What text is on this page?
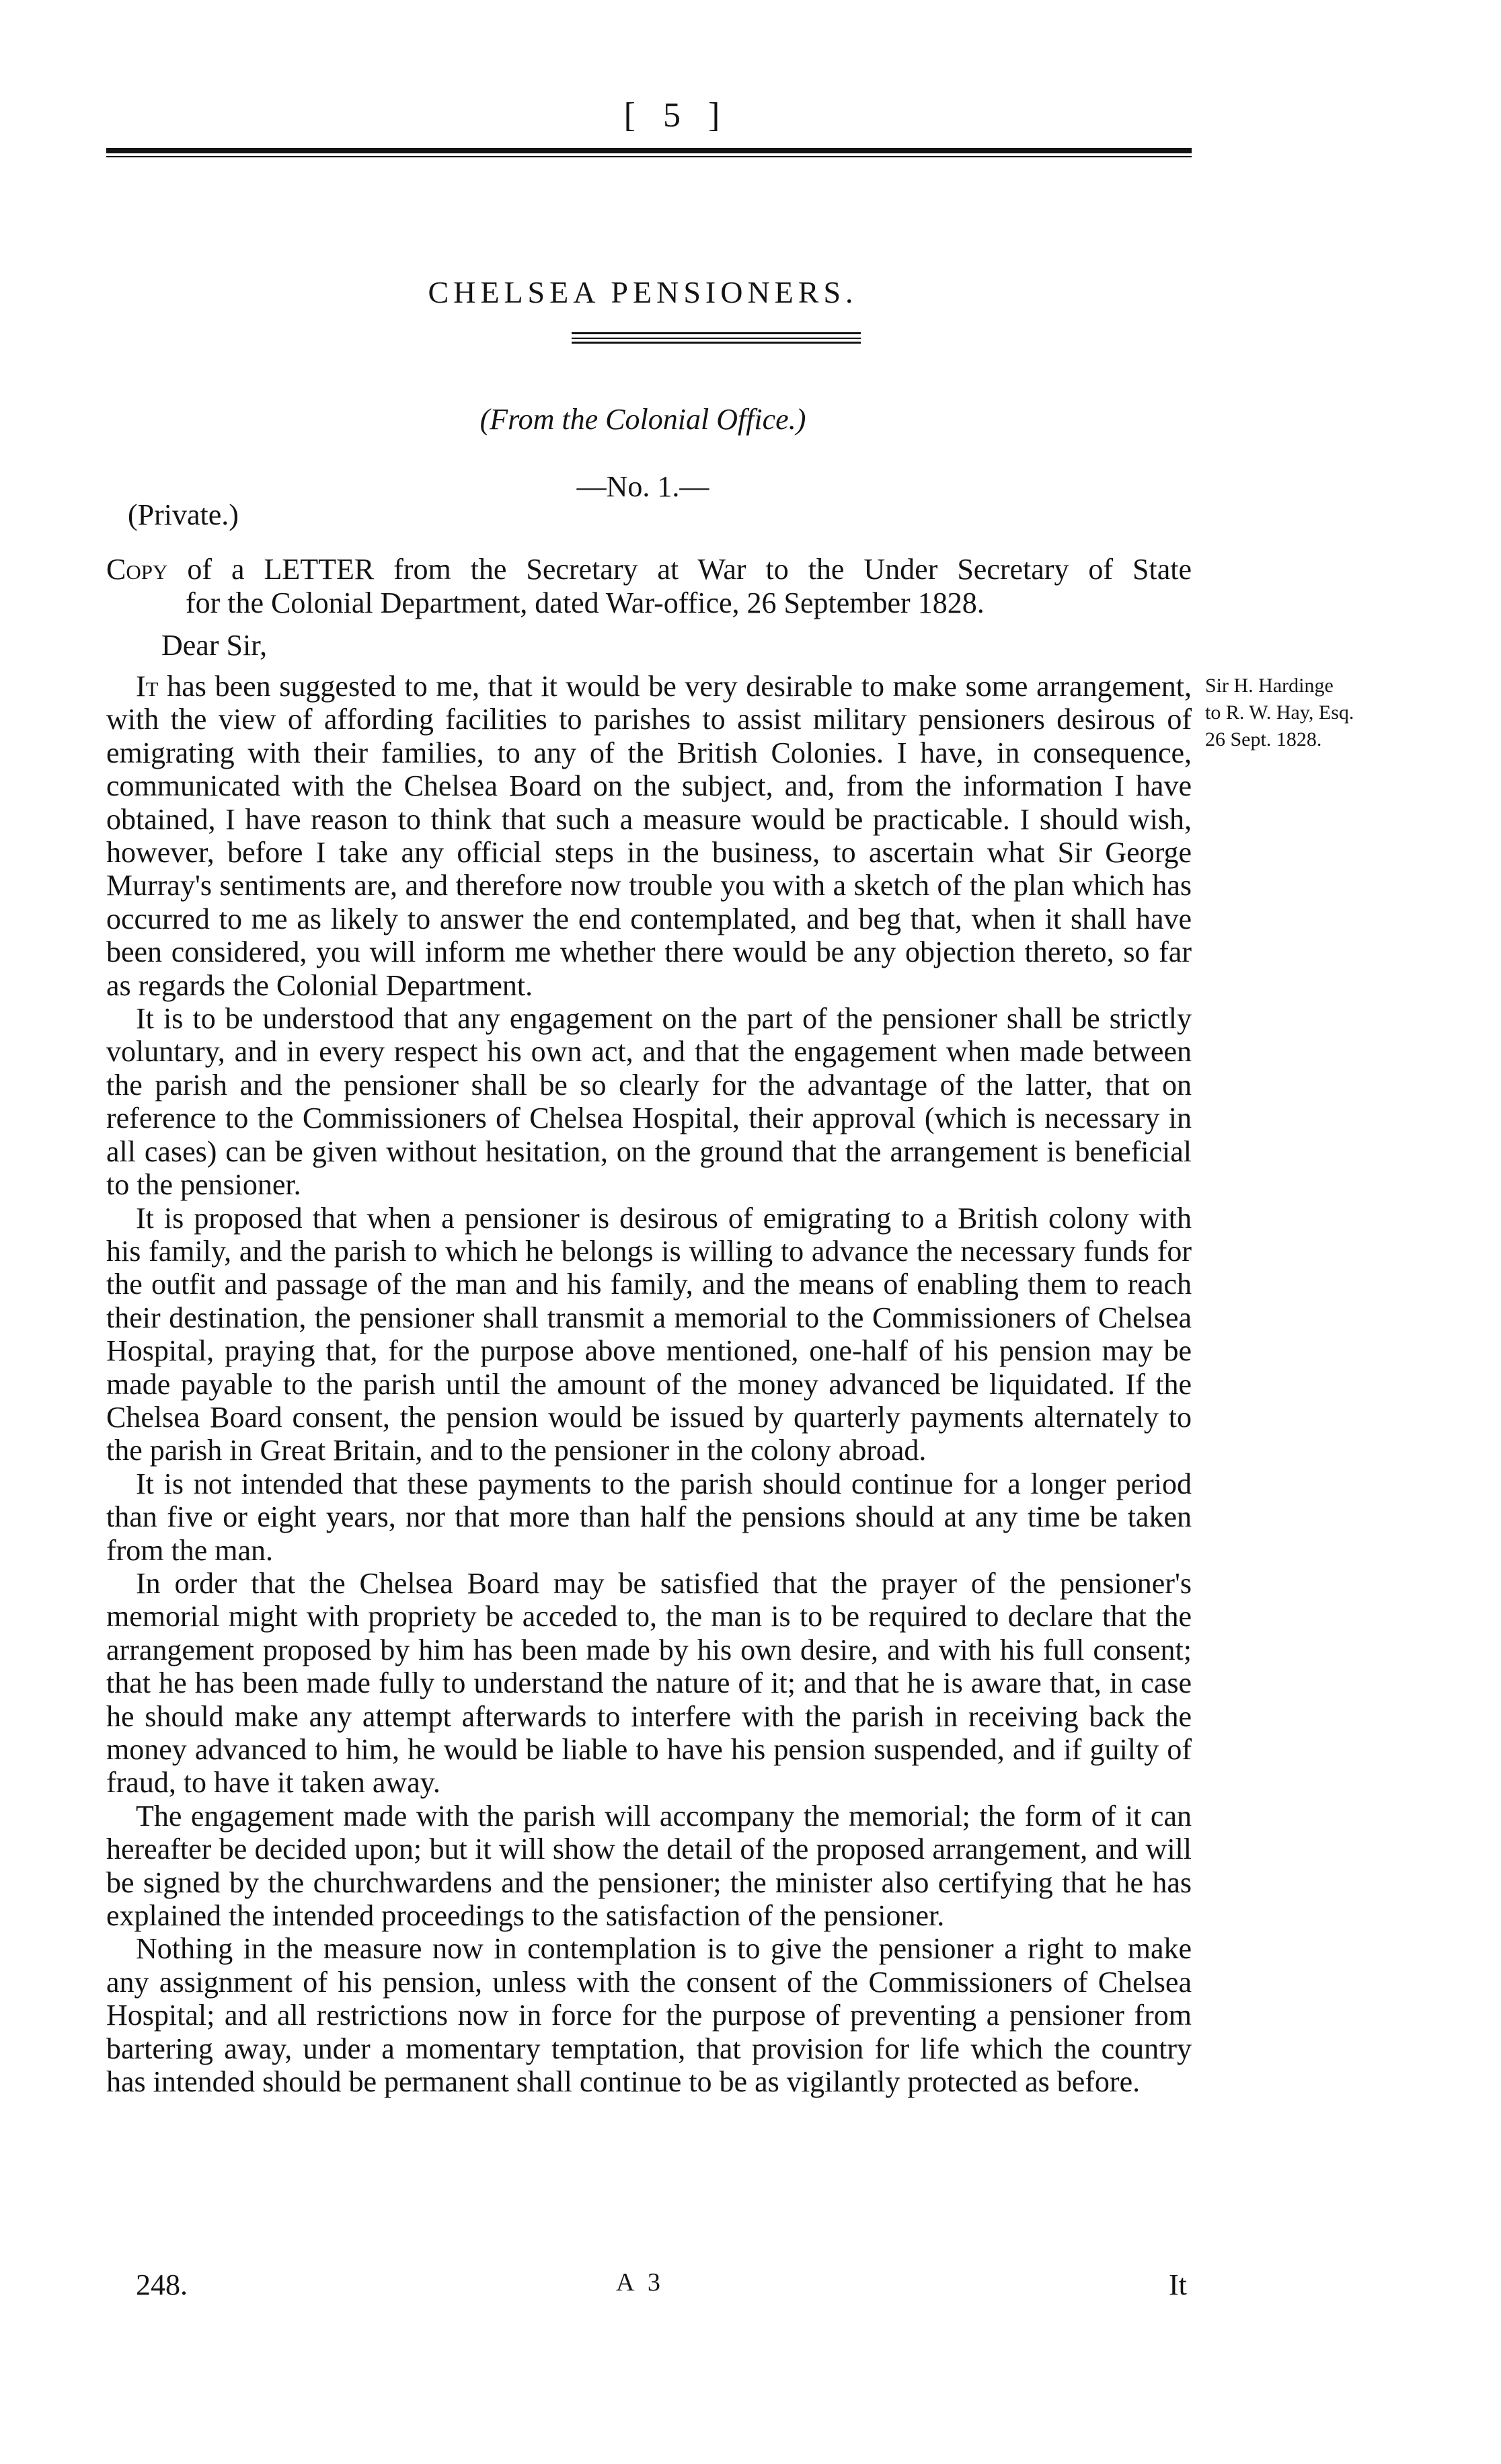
[ 5 ]
CHELSEA PENSIONERS.
(From the Colonial Office.)
—No. 1.—
(Private.)
Copy of a LETTER from the Secretary at War to the Under Secretary of State
for the Colonial Department, dated War-office, 26 September 1828.
Dear Sir,
Sir H. Hardinge
to R. W. Hay, Esq.
26 Sept. 1828.

It has been suggested to me, that it would be very desirable to make some arrangement, with the view of affording facilities to parishes to assist military pensioners desirous of emigrating with their families, to any of the British Colonies. I have, in consequence, communicated with the Chelsea Board on the subject, and, from the information I have obtained, I have reason to think that such a measure would be practicable. I should wish, however, before I take any official steps in the business, to ascertain what Sir George Murray's sentiments are, and therefore now trouble you with a sketch of the plan which has occurred to me as likely to answer the end contemplated, and beg that, when it shall have been considered, you will inform me whether there would be any objection thereto, so far as regards the Colonial Department.

It is to be understood that any engagement on the part of the pensioner shall be strictly voluntary, and in every respect his own act, and that the engagement when made between the parish and the pensioner shall be so clearly for the advantage of the latter, that on reference to the Commissioners of Chelsea Hospital, their approval (which is necessary in all cases) can be given without hesitation, on the ground that the arrangement is beneficial to the pensioner.

It is proposed that when a pensioner is desirous of emigrating to a British colony with his family, and the parish to which he belongs is willing to advance the necessary funds for the outfit and passage of the man and his family, and the means of enabling them to reach their destination, the pensioner shall transmit a memorial to the Commissioners of Chelsea Hospital, praying that, for the purpose above mentioned, one-half of his pension may be made payable to the parish until the amount of the money advanced be liquidated. If the Chelsea Board consent, the pension would be issued by quarterly payments alternately to the parish in Great Britain, and to the pensioner in the colony abroad.

It is not intended that these payments to the parish should continue for a longer period than five or eight years, nor that more than half the pensions should at any time be taken from the man.

In order that the Chelsea Board may be satisfied that the prayer of the pensioner's memorial might with propriety be acceded to, the man is to be required to declare that the arrangement proposed by him has been made by his own desire, and with his full consent; that he has been made fully to understand the nature of it; and that he is aware that, in case he should make any attempt afterwards to interfere with the parish in receiving back the money advanced to him, he would be liable to have his pension suspended, and if guilty of fraud, to have it taken away.

The engagement made with the parish will accompany the memorial; the form of it can hereafter be decided upon; but it will show the detail of the proposed arrangement, and will be signed by the churchwardens and the pensioner; the minister also certifying that he has explained the intended proceedings to the satisfaction of the pensioner.

Nothing in the measure now in contemplation is to give the pensioner a right to make any assignment of his pension, unless with the consent of the Commissioners of Chelsea Hospital; and all restrictions now in force for the purpose of preventing a pensioner from bartering away, under a momentary temptation, that provision for life which the country has intended should be permanent shall continue to be as vigilantly protected as before.

248.	A 3	It
